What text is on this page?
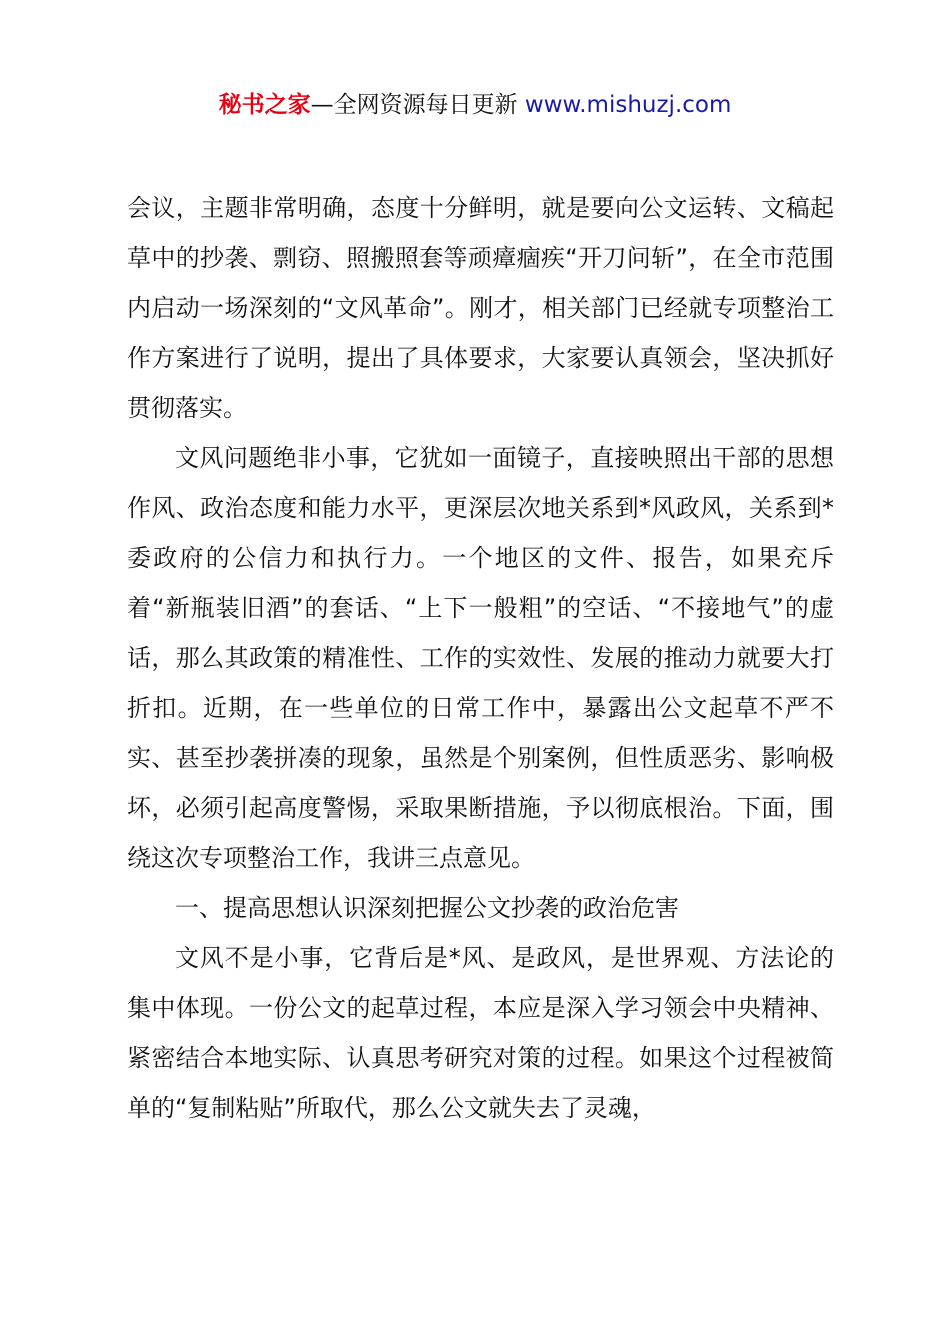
秘书之家—全网资源每日更新 www.mishuzj.com

会议，主题非常明确，态度十分鲜明，就是要向公文运转、文稿起草中的抄袭、剽窃、照搬照套等顽瘴痼疾“开刀问斩”，在全市范围内启动一场深刻的“文风革命”。刚才，相关部门已经就专项整治工作方案进行了说明，提出了具体要求，大家要认真领会，坚决抓好贯彻落实。

文风问题绝非小事，它犹如一面镜子，直接映照出干部的思想作风、政治态度和能力水平，更深层次地关系到*风政风，关系到*委政府的公信力和执行力。一个地区的文件、报告，如果充斥着“新瓶装旧酒”的套话、“上下一般粗”的空话、“不接地气”的虚话，那么其政策的精准性、工作的实效性、发展的推动力就要大打折扣。近期，在一些单位的日常工作中，暴露出公文起草不严不实、甚至抄袭拼凑的现象，虽然是个别案例，但性质恶劣、影响极坏，必须引起高度警惕，采取果断措施，予以彻底根治。下面，围绕这次专项整治工作，我讲三点意见。

一、提高思想认识深刻把握公文抄袭的政治危害

文风不是小事，它背后是*风、是政风，是世界观、方法论的集中体现。一份公文的起草过程，本应是深入学习领会中央精神、紧密结合本地实际、认真思考研究对策的过程。如果这个过程被简单的“复制粘贴”所取代，那么公文就失去了灵魂，
